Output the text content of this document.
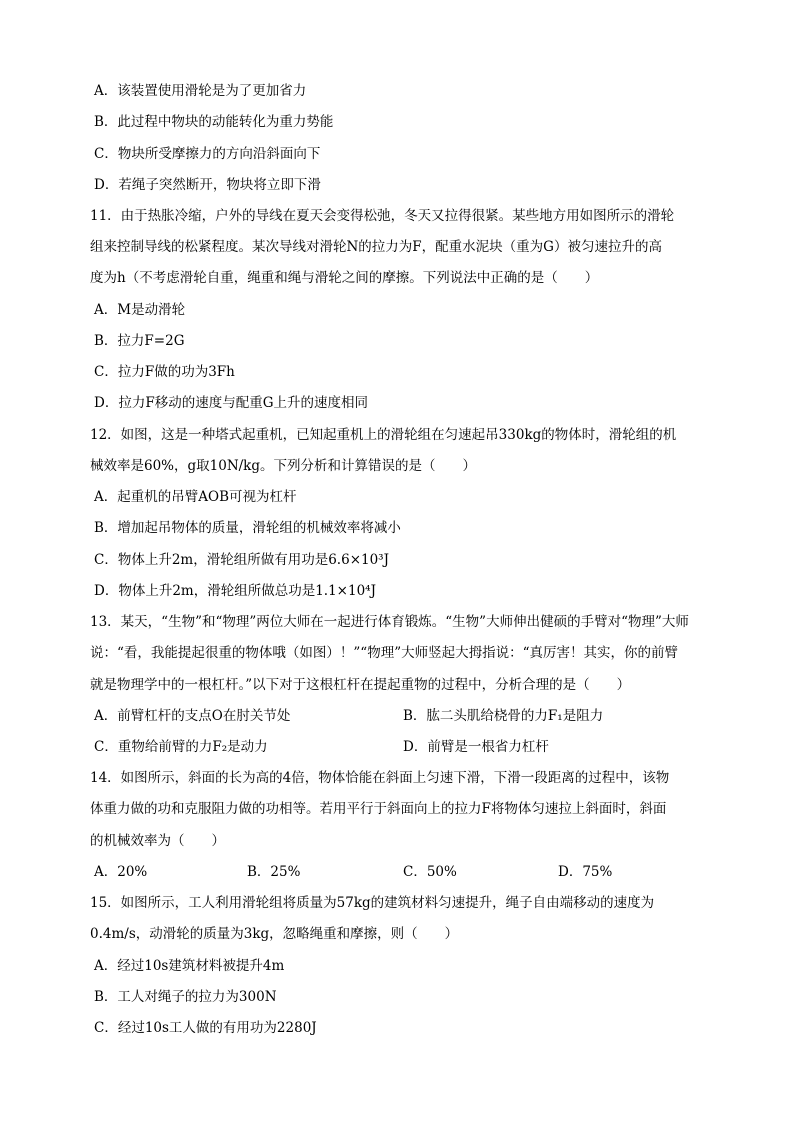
A．该装置使用滑轮是为了更加省力
B．此过程中物块的动能转化为重力势能
C．物块所受摩擦力的方向沿斜面向下
D．若绳子突然断开，物块将立即下滑
11．由于热胀冷缩，户外的导线在夏天会变得松弛，冬天又拉得很紧。某些地方用如图所示的滑轮
组来控制导线的松紧程度。某次导线对滑轮N的拉力为F，配重水泥块（重为G）被匀速拉升的高
度为h（不考虑滑轮自重，绳重和绳与滑轮之间的摩擦。下列说法中正确的是（　　）
A．M是动滑轮
B．拉力F=2G
C．拉力F做的功为3Fh
D．拉力F移动的速度与配重G上升的速度相同
12．如图，这是一种塔式起重机，已知起重机上的滑轮组在匀速起吊330kg的物体时，滑轮组的机
械效率是60%，g取10N/kg。下列分析和计算错误的是（　　）
A．起重机的吊臂AOB可视为杠杆
B．增加起吊物体的质量，滑轮组的机械效率将减小
C．物体上升2m，滑轮组所做有用功是6.6×10³J
D．物体上升2m，滑轮组所做总功是1.1×10⁴J
13．某天，“生物”和“物理”两位大师在一起进行体育锻炼。“生物”大师伸出健硕的手臂对“物理”大师
说：“看，我能提起很重的物体哦（如图）！”“物理”大师竖起大拇指说：“真厉害！其实，你的前臂
就是物理学中的一根杠杆。”以下对于这根杠杆在提起重物的过程中，分析合理的是（　　）
A．前臂杠杆的支点O在肘关节处	B．肱二头肌给桡骨的力F₁是阻力
C．重物给前臂的力F₂是动力	D．前臂是一根省力杠杆
14．如图所示，斜面的长为高的4倍，物体恰能在斜面上匀速下滑，下滑一段距离的过程中，该物
体重力做的功和克服阻力做的功相等。若用平行于斜面向上的拉力F将物体匀速拉上斜面时，斜面
的机械效率为（　　）
A．20%	B．25%	C．50%	D．75%
15．如图所示，工人利用滑轮组将质量为57kg的建筑材料匀速提升，绳子自由端移动的速度为
0.4m/s，动滑轮的质量为3kg，忽略绳重和摩擦，则（　　）
A．经过10s建筑材料被提升4m
B．工人对绳子的拉力为300N
C．经过10s工人做的有用功为2280J
